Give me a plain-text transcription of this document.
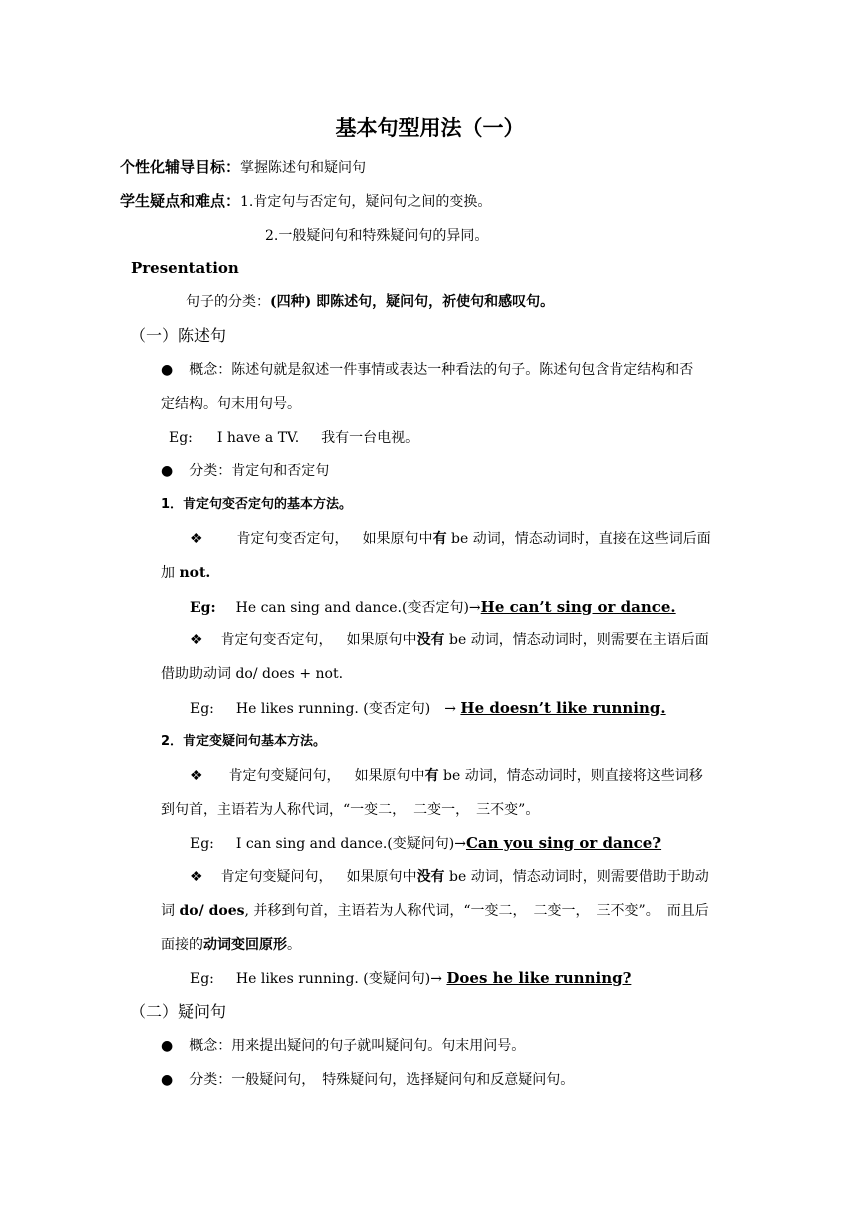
基本句型用法（一）
个性化辅导目标：掌握陈述句和疑问句
学生疑点和难点：1.肯定句与否定句，疑问句之间的变换。
2.一般疑问句和特殊疑问句的异同。
Presentation
句子的分类：(四种) 即陈述句，疑问句，祈使句和感叹句。
（一）陈述句
● 概念：陈述句就是叙述一件事情或表达一种看法的句子。陈述句包含肯定结构和否
定结构。句末用句号。
Eg: I have a TV. 我有一台电视。
● 分类：肯定句和否定句
1．肯定句变否定句的基本方法。
❖ 肯定句变否定句， 如果原句中有 be 动词，情态动词时，直接在这些词后面
加 not.
Eg: He can sing and dance.(变否定句)→He can’t sing or dance.
❖ 肯定句变否定句， 如果原句中没有 be 动词，情态动词时，则需要在主语后面
借助助动词 do/ does + not.
Eg: He likes running. (变否定句) → He doesn’t like running.
2．肯定变疑问句基本方法。
❖ 肯定句变疑问句， 如果原句中有 be 动词，情态动词时，则直接将这些词移
到句首，主语若为人称代词，“一变二，　二变一，　三不变”。
Eg: I can sing and dance.(变疑问句)→Can you sing or dance?
❖ 肯定句变疑问句， 如果原句中没有 be 动词，情态动词时，则需要借助于助动
词 do/ does, 并移到句首，主语若为人称代词，“一变二，　二变一，　三不变”。　而且后
面接的动词变回原形。
Eg: He likes running. (变疑问句)→ Does he like running?
（二）疑问句
● 概念：用来提出疑问的句子就叫疑问句。句末用问号。
● 分类：一般疑问句，　特殊疑问句，选择疑问句和反意疑问句。
